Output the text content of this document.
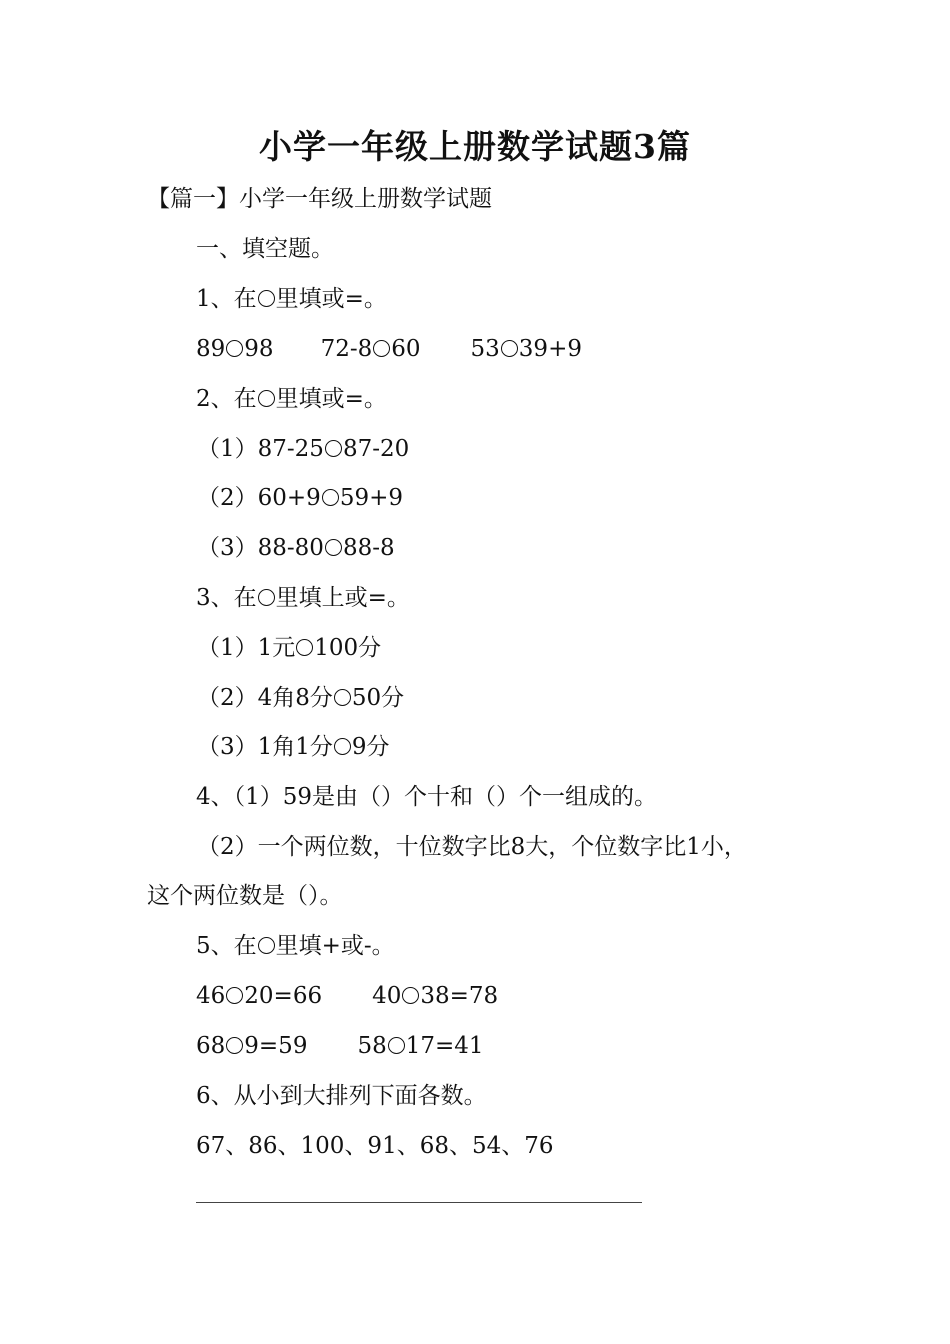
小学一年级上册数学试题3篇
【篇一】小学一年级上册数学试题
一、填空题。
1、在 里填或=。
89 98 72-8 60 53 39+9
2、在 里填或=。
（1）87-25 87-20
（2）60+9 59+9
（3）88-80 88-8
3、在 里填上或=。
（1）1元 100分
（2）4角8分 50分
（3）1角1分 9分
4、（1）59是由（）个十和（）个一组成的。
（2）一个两位数，十位数字比8大，个位数字比1小，
这个两位数是（）。
5、在 里填+或-。
46 20=66 40 38=78
68 9=59 58 17=41
6、从小到大排列下面各数。
67、86、100、91、68、54、76
